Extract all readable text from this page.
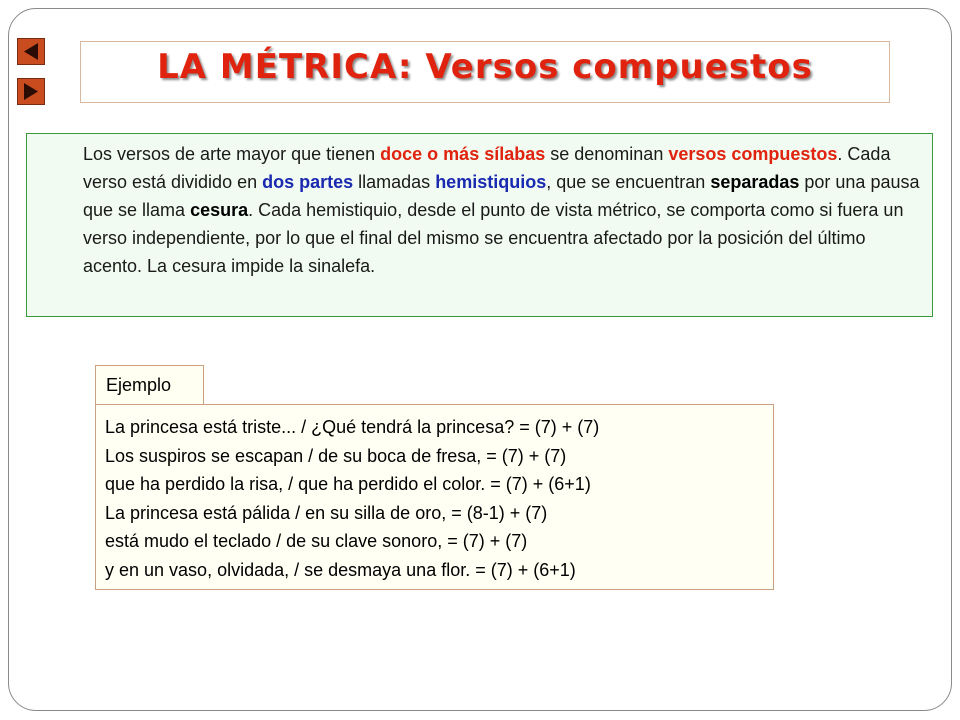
LA MÉTRICA: Versos compuestos
Los versos de arte mayor que tienen doce o más sílabas se denominan versos compuestos. Cada verso está dividido en dos partes llamadas hemistiquios, que se encuentran separadas por una pausa que se llama cesura. Cada hemistiquio, desde el punto de vista métrico, se comporta como si fuera un verso independiente, por lo que el final del mismo se encuentra afectado por la posición del último acento. La cesura impide la sinalefa.
Ejemplo
La princesa está triste... / ¿Qué tendrá la princesa? = (7) + (7)
Los suspiros se escapan / de su boca de fresa, = (7) + (7)
que ha perdido la risa, / que ha perdido el color. = (7) + (6+1)
La princesa está pálida / en su silla de oro, = (8-1) + (7)
está mudo el teclado / de su clave sonoro, = (7) + (7)
y en un vaso, olvidada, / se desmaya una flor. = (7) + (6+1)
